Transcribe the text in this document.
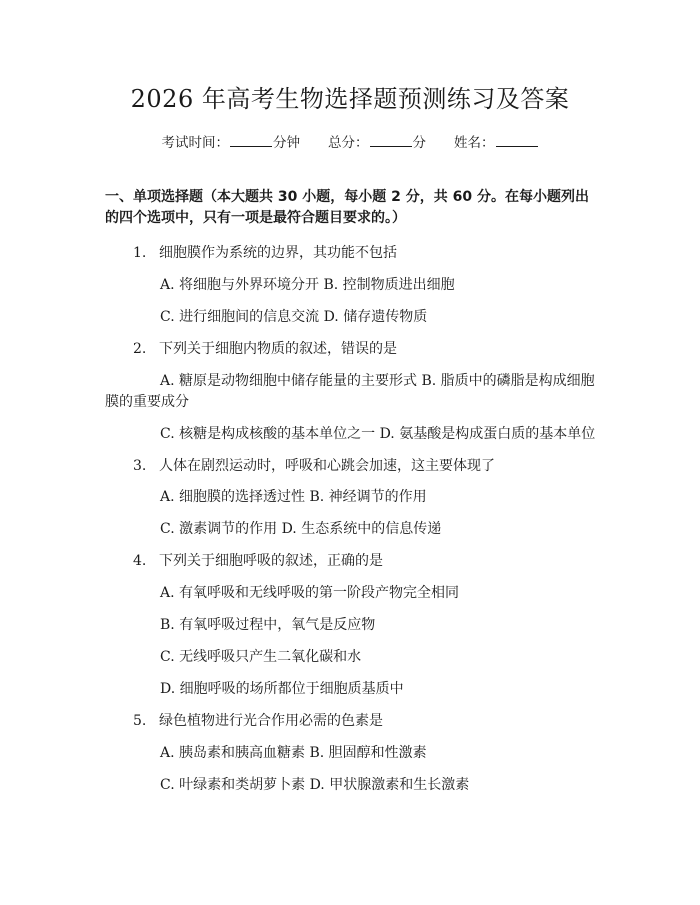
2026 年高考生物选择题预测练习及答案
考试时间：	分钟 总分：	分 姓名：
一、单项选择题（本大题共 30 小题，每小题 2 分，共 60 分。在每小题列出的四个选项中，只有一项是最符合题目要求的。）
1. 细胞膜作为系统的边界，其功能不包括
A. 将细胞与外界环境分开 B. 控制物质进出细胞
C. 进行细胞间的信息交流 D. 储存遗传物质
2. 下列关于细胞内物质的叙述，错误的是
A. 糖原是动物细胞中储存能量的主要形式 B. 脂质中的磷脂是构成细胞膜的重要成分
C. 核糖是构成核酸的基本单位之一 D. 氨基酸是构成蛋白质的基本单位
3. 人体在剧烈运动时，呼吸和心跳会加速，这主要体现了
A. 细胞膜的选择透过性 B. 神经调节的作用
C. 激素调节的作用 D. 生态系统中的信息传递
4. 下列关于细胞呼吸的叙述，正确的是
A. 有氧呼吸和无线呼吸的第一阶段产物完全相同
B. 有氧呼吸过程中，氧气是反应物
C. 无线呼吸只产生二氧化碳和水
D. 细胞呼吸的场所都位于细胞质基质中
5. 绿色植物进行光合作用必需的色素是
A. 胰岛素和胰高血糖素 B. 胆固醇和性激素
C. 叶绿素和类胡萝卜素 D. 甲状腺激素和生长激素
